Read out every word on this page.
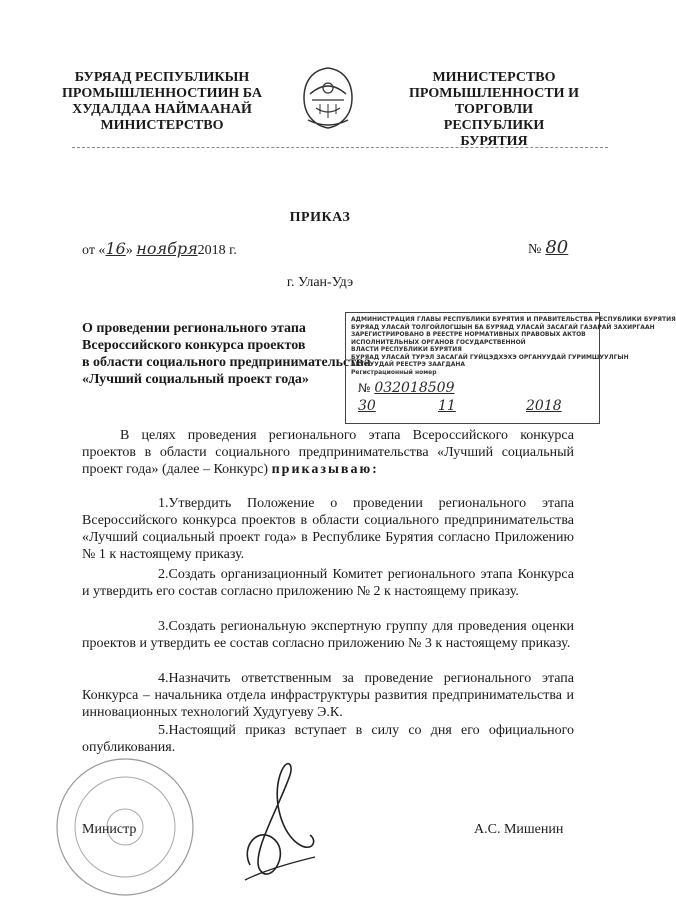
БУРЯАД РЕСПУБЛИКЫН
ПРОМЫШЛЕННОСТИИН БА
ХУДАЛДАА НАЙМААНАЙ
МИНИСТЕРСТВО
МИНИСТЕРСТВО
ПРОМЫШЛЕННОСТИ И
ТОРГОВЛИ РЕСПУБЛИКИ
БУРЯТИЯ
ПРИКАЗ
от «16» ноября2018 г.	№ 80
г. Улан-Удэ
О проведении регионального этапа
Всероссийского конкурса проектов
в области социального предпринимательства
«Лучший социальный проект года»
АДМИНИСТРАЦИЯ ГЛАВЫ РЕСПУБЛИКИ БУРЯТИЯ И ПРАВИТЕЛЬСТВА РЕСПУБЛИКИ БУРЯТИЯ
БУРЯАД УЛАСАЙ ТОЛГОЙЛОГШЫН БА БУРЯАД УЛАСАЙ ЗАСАГАЙ ГАЗАРАЙ ЗАХИРГААН
ЗАРЕГИСТРИРОВАНО В РЕЕСТРЕ НОРМАТИВНЫХ ПРАВОВЫХ АКТОВ
ИСПОЛНИТЕЛЬНЫХ ОРГАНОВ ГОСУДАРСТВЕННОЙ
ВЛАСТИ РЕСПУБЛИКИ БУРЯТИЯ
БУРЯАД УЛАСАЙ ТУРЭЛ ЗАСАГАЙ ГУЙЦЭДХЭХЭ ОРГАНУУДАЙ ГУРИМШУУЛГЫН
АКТНУУДАЙ РЕЕСТРЭ ЗААГДАНА
Регистрационный номер
№ 032018509
30	11	2018

В целях проведения регионального этапа Всероссийского конкурса проектов в области социального предпринимательства «Лучший социальный проект года» (далее – Конкурс) приказываю:

1.Утвердить Положение о проведении регионального этапа Всероссийского конкурса проектов в области социального предпринимательства «Лучший социальный проект года» в Республике Бурятия согласно Приложению № 1 к настоящему приказу.

2.Создать организационный Комитет регионального этапа Конкурса и утвердить его состав согласно приложению № 2 к настоящему приказу.

3.Создать региональную экспертную группу для проведения оценки проектов и утвердить ее состав согласно приложению № 3 к настоящему приказу.

4.Назначить ответственным за проведение регионального этапа Конкурса – начальника отдела инфраструктуры развития предпринимательства и инновационных технологий Худугуеву Э.К.

5.Настоящий приказ вступает в силу со дня его официального опубликования.

Министр	А.С. Мишенин
